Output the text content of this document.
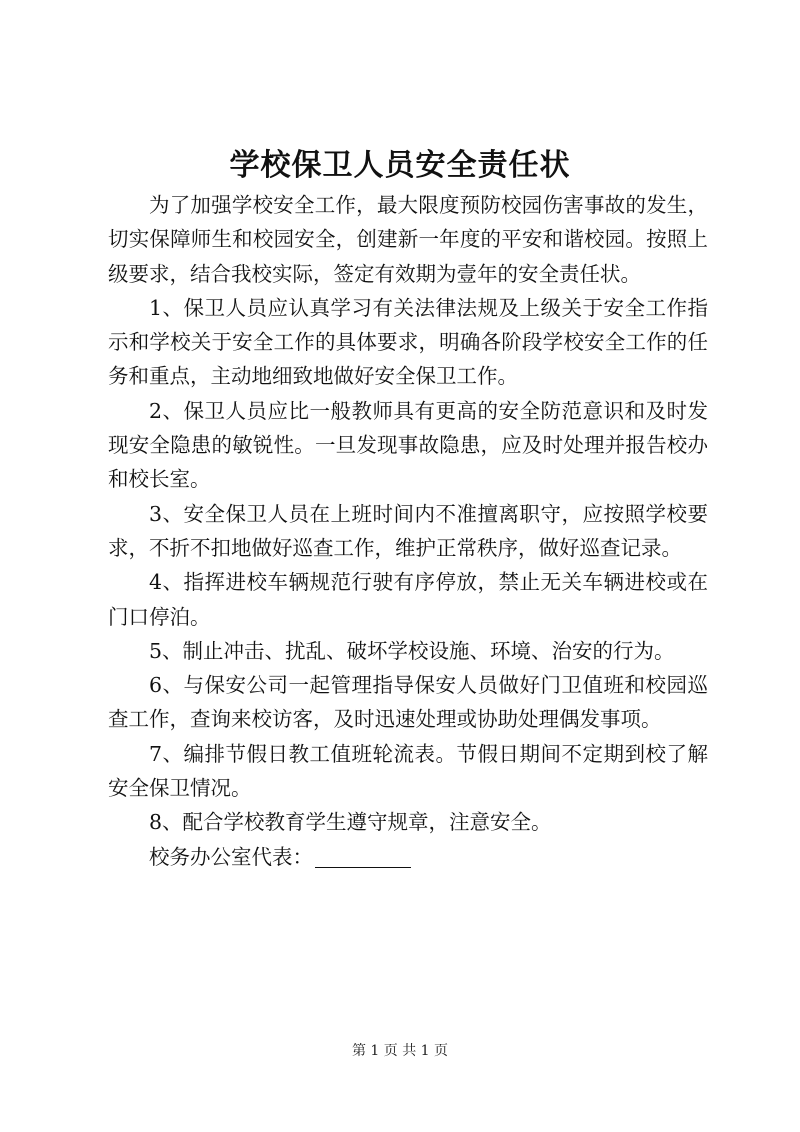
学校保卫人员安全责任状

为了加强学校安全工作，最大限度预防校园伤害事故的发生，切实保障师生和校园安全，创建新一年度的平安和谐校园。按照上级要求，结合我校实际，签定有效期为壹年的安全责任状。

1、保卫人员应认真学习有关法律法规及上级关于安全工作指示和学校关于安全工作的具体要求，明确各阶段学校安全工作的任务和重点，主动地细致地做好安全保卫工作。

2、保卫人员应比一般教师具有更高的安全防范意识和及时发现安全隐患的敏锐性。一旦发现事故隐患，应及时处理并报告校办和校长室。

3、安全保卫人员在上班时间内不准擅离职守，应按照学校要求，不折不扣地做好巡查工作，维护正常秩序，做好巡查记录。

4、指挥进校车辆规范行驶有序停放，禁止无关车辆进校或在门口停泊。

5、制止冲击、扰乱、破坏学校设施、环境、治安的行为。

6、与保安公司一起管理指导保安人员做好门卫值班和校园巡查工作，查询来校访客，及时迅速处理或协助处理偶发事项。

7、编排节假日教工值班轮流表。节假日期间不定期到校了解安全保卫情况。

8、配合学校教育学生遵守规章，注意安全。

校务办公室代表：

第 1 页 共 1 页
